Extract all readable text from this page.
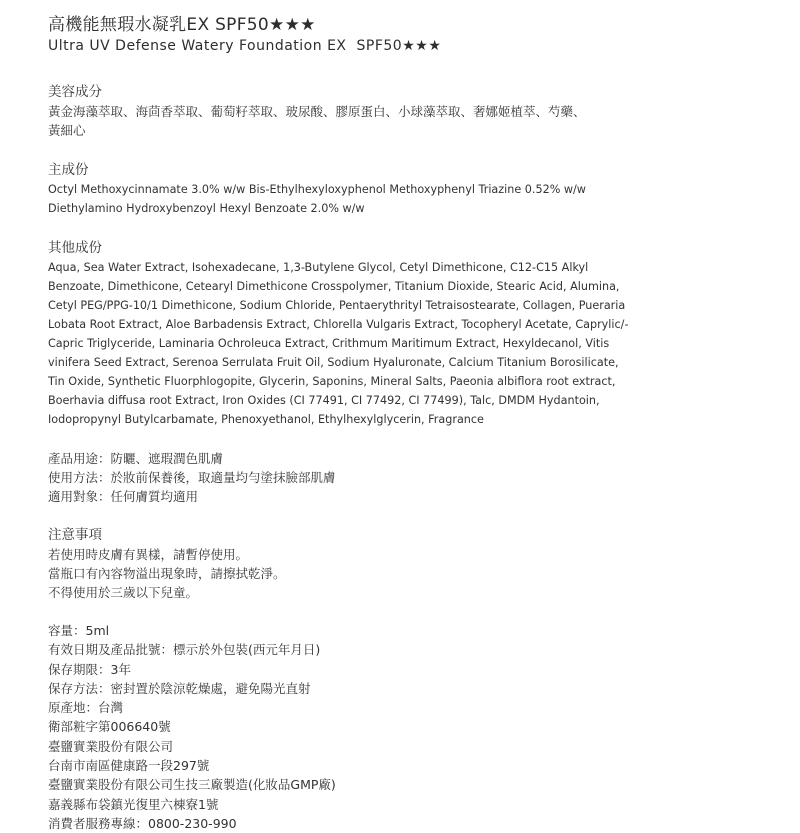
高機能無瑕水凝乳EX SPF50★★★
Ultra UV Defense Watery Foundation EX SPF50★★★
美容成分
黃金海藻萃取、海茴香萃取、葡萄籽萃取、玻尿酸、膠原蛋白、小球藻萃取、奢娜姬植萃、芍藥、
黃細心
主成份
Octyl Methoxycinnamate 3.0% w/w Bis-Ethylhexyloxyphenol Methoxyphenyl Triazine 0.52% w/w
Diethylamino Hydroxybenzoyl Hexyl Benzoate 2.0% w/w
其他成份
Aqua, Sea Water Extract, Isohexadecane, 1,3-Butylene Glycol, Cetyl Dimethicone, C12-C15 Alkyl
Benzoate, Dimethicone, Cetearyl Dimethicone Crosspolymer, Titanium Dioxide, Stearic Acid, Alumina,
Cetyl PEG/PPG-10/1 Dimethicone, Sodium Chloride, Pentaerythrityl Tetraisostearate, Collagen, Pueraria
Lobata Root Extract, Aloe Barbadensis Extract, Chlorella Vulgaris Extract, Tocopheryl Acetate, Caprylic/-
Capric Triglyceride, Laminaria Ochroleuca Extract, Crithmum Maritimum Extract, Hexyldecanol, Vitis
vinifera Seed Extract, Serenoa Serrulata Fruit Oil, Sodium Hyaluronate, Calcium Titanium Borosilicate,
Tin Oxide, Synthetic Fluorphlogopite, Glycerin, Saponins, Mineral Salts, Paeonia albiflora root extract,
Boerhavia diffusa root Extract, Iron Oxides (CI 77491, CI 77492, CI 77499), Talc, DMDM Hydantoin,
Iodopropynyl Butylcarbamate, Phenoxyethanol, Ethylhexylglycerin, Fragrance
產品用途：防曬、遮瑕潤色肌膚
使用方法：於妝前保養後，取適量均勻塗抹臉部肌膚
適用對象：任何膚質均適用
注意事項
若使用時皮膚有異樣，請暫停使用。
當瓶口有內容物溢出現象時，請擦拭乾淨。
不得使用於三歲以下兒童。
容量：5ml
有效日期及產品批號：標示於外包裝(西元年月日)
保存期限：3年
保存方法：密封置於陰涼乾燥處，避免陽光直射
原產地：台灣
衛部粧字第006640號
臺鹽實業股份有限公司
台南市南區健康路一段297號
臺鹽實業股份有限公司生技三廠製造(化妝品GMP廠)
嘉義縣布袋鎮光復里六棟寮1號
消費者服務專線：0800-230-990
